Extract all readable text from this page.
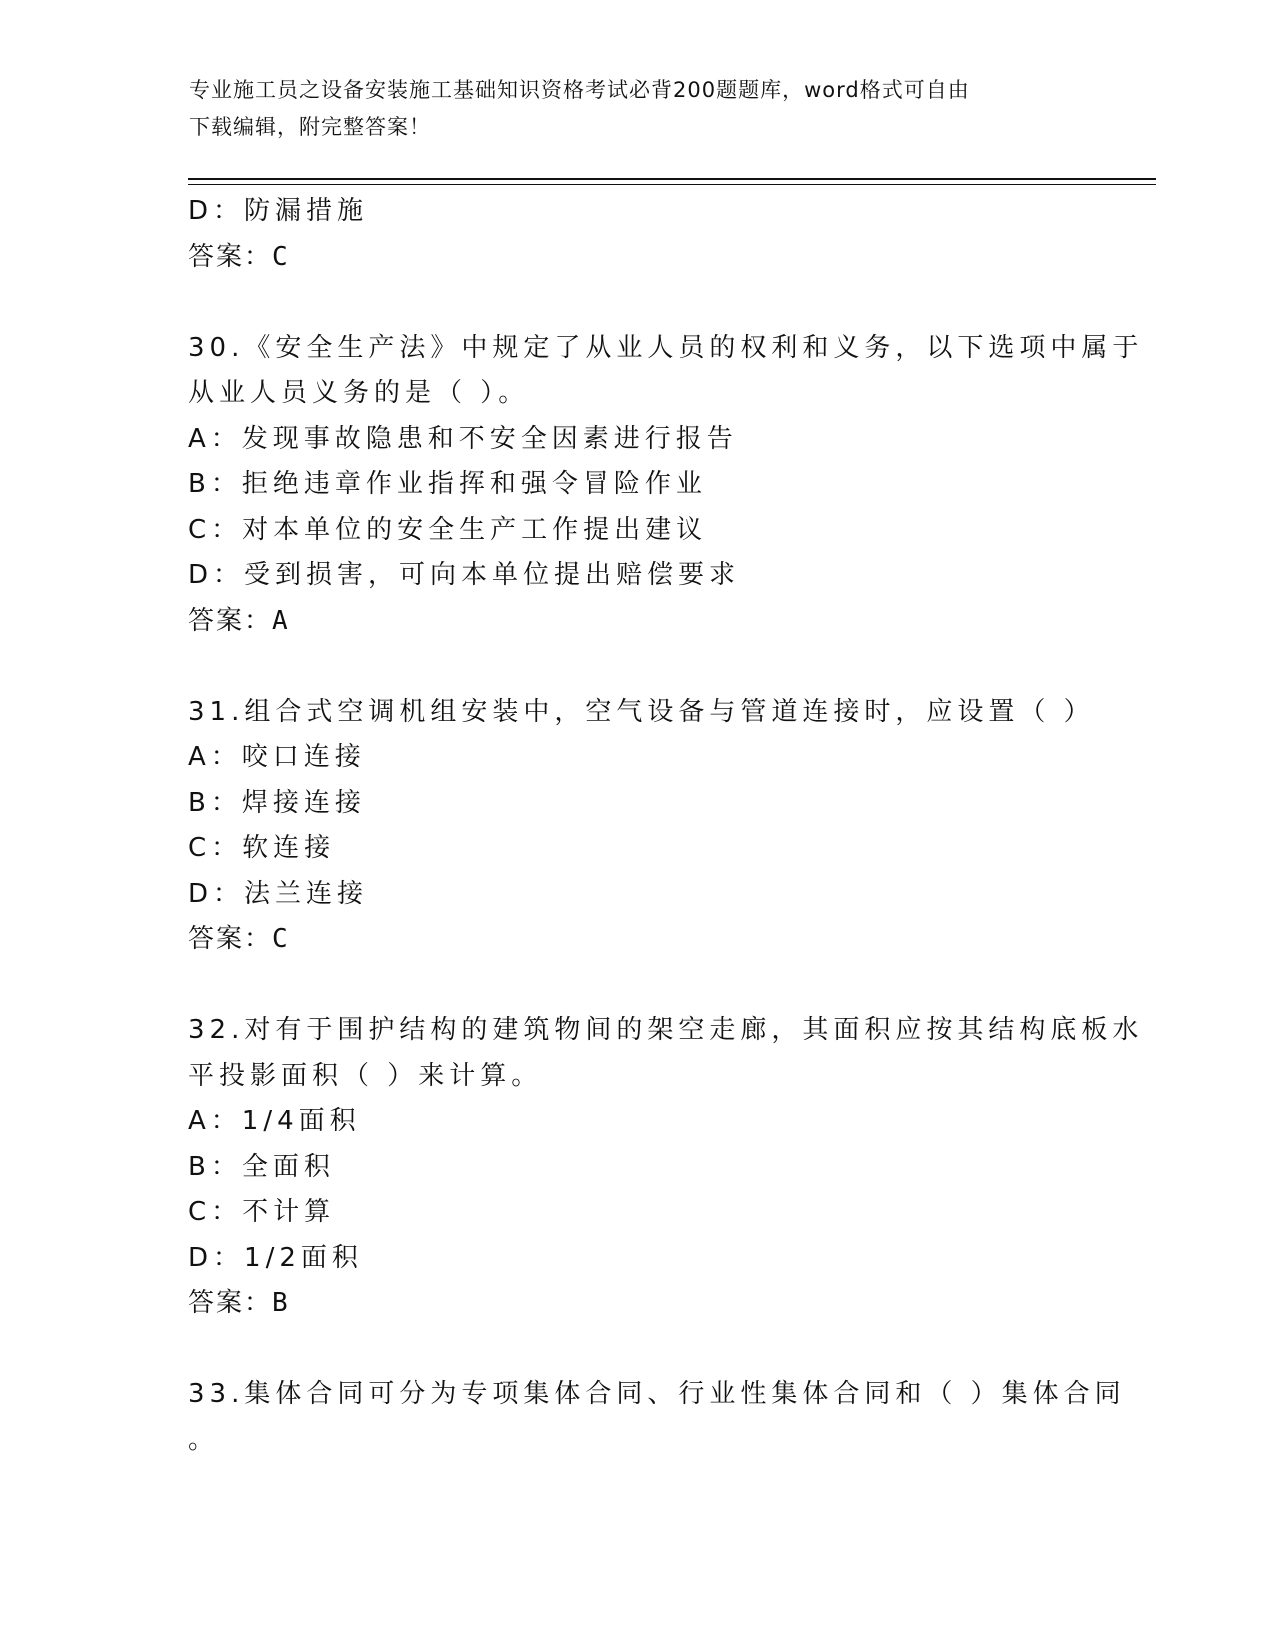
专业施工员之设备安装施工基础知识资格考试必背200题题库，word格式可自由
下载编辑，附完整答案！
D：防漏措施
答案：C
30.《安全生产法》中规定了从业人员的权利和义务，以下选项中属于
从业人员义务的是（ ）。
A：发现事故隐患和不安全因素进行报告
B：拒绝违章作业指挥和强令冒险作业
C：对本单位的安全生产工作提出建议
D：受到损害，可向本单位提出赔偿要求
答案：A
31.组合式空调机组安装中，空气设备与管道连接时，应设置（ ）
A：咬口连接
B：焊接连接
C：软连接
D：法兰连接
答案：C
32.对有于围护结构的建筑物间的架空走廊，其面积应按其结构底板水
平投影面积（ ）来计算。
A：1/4面积
B：全面积
C：不计算
D：1/2面积
答案：B
33.集体合同可分为专项集体合同、行业性集体合同和（ ）集体合同
。
